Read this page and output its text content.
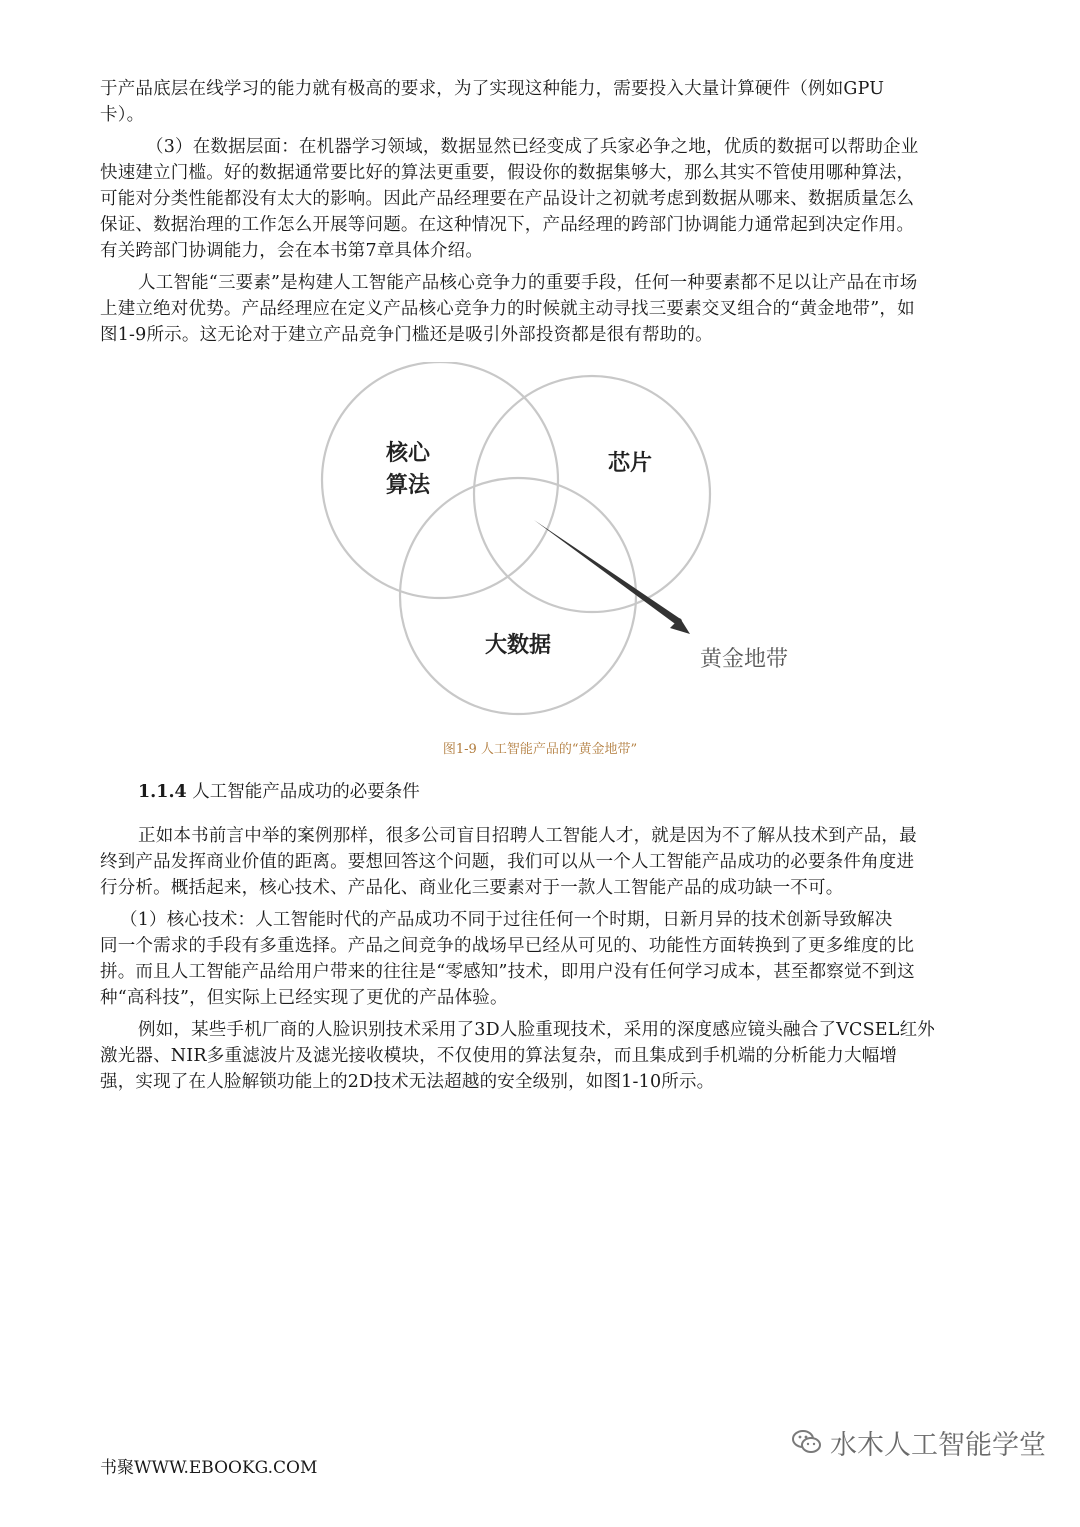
于产品底层在线学习的能力就有极高的要求，为了实现这种能力，需要投入大量计算硬件（例如GPU
卡）。

（3）在数据层面：在机器学习领域，数据显然已经变成了兵家必争之地，优质的数据可以帮助企业
快速建立门槛。好的数据通常要比好的算法更重要，假设你的数据集够大，那么其实不管使用哪种算法，
可能对分类性能都没有太大的影响。因此产品经理要在产品设计之初就考虑到数据从哪来、数据质量怎么
保证、数据治理的工作怎么开展等问题。在这种情况下，产品经理的跨部门协调能力通常起到决定作用。
有关跨部门协调能力，会在本书第7章具体介绍。

人工智能“三要素”是构建人工智能产品核心竞争力的重要手段，任何一种要素都不足以让产品在市场
上建立绝对优势。产品经理应在定义产品核心竞争力的时候就主动寻找三要素交叉组合的“黄金地带”，如
图1-9所示。这无论对于建立产品竞争门槛还是吸引外部投资都是很有帮助的。

核心
算法
芯片
大数据
黄金地带

图1-9 人工智能产品的“黄金地带”

1.1.4 人工智能产品成功的必要条件

正如本书前言中举的案例那样，很多公司盲目招聘人工智能人才，就是因为不了解从技术到产品，最
终到产品发挥商业价值的距离。要想回答这个问题，我们可以从一个人工智能产品成功的必要条件角度进
行分析。概括起来，核心技术、产品化、商业化三要素对于一款人工智能产品的成功缺一不可。

（1）核心技术：人工智能时代的产品成功不同于过往任何一个时期，日新月异的技术创新导致解决
同一个需求的手段有多重选择。产品之间竞争的战场早已经从可见的、功能性方面转换到了更多维度的比
拼。而且人工智能产品给用户带来的往往是“零感知”技术，即用户没有任何学习成本，甚至都察觉不到这
种“高科技”，但实际上已经实现了更优的产品体验。

例如，某些手机厂商的人脸识别技术采用了3D人脸重现技术，采用的深度感应镜头融合了VCSEL红外
激光器、NIR多重滤波片及滤光接收模块，不仅使用的算法复杂，而且集成到手机端的分析能力大幅增
强，实现了在人脸解锁功能上的2D技术无法超越的安全级别，如图1-10所示。

书聚WWW.EBOOKG.COM

水木人工智能学堂
